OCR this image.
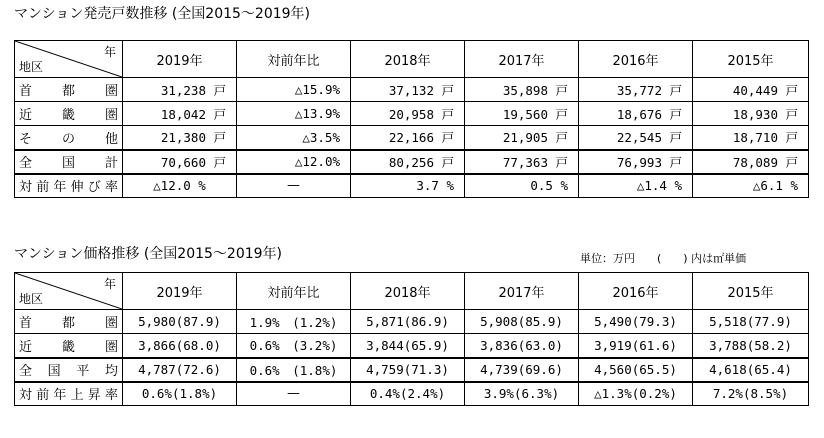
マンション発売戸数推移 (全国2015～2019年)
年
地区	2019年	対前年比	2018年	2017年	2016年	2015年
首都圏	31,238 戸	△15.9%	37,132 戸	35,898 戸	35,772 戸	40,449 戸
近畿圏	18,042 戸	△13.9%	20,958 戸	19,560 戸	18,676 戸	18,930 戸
その他	21,380 戸	△3.5%	22,166 戸	21,905 戸	22,545 戸	18,710 戸
全国計	70,660 戸	△12.0%	80,256 戸	77,363 戸	76,993 戸	78,089 戸
対前年伸び率	△12.0 %	—	3.7 %	0.5 %	△1.4 %	△6.1 %
マンション価格推移 (全国2015～2019年)	単位：万円　　(　　) 内は㎡単価
年
地区	2019年	対前年比	2018年	2017年	2016年	2015年
首都圏	5,980(87.9)	1.9%　(1.2%)	5,871(86.9)	5,908(85.9)	5,490(79.3)	5,518(77.9)
近畿圏	3,866(68.0)	0.6%　(3.2%)	3,844(65.9)	3,836(63.0)	3,919(61.6)	3,788(58.2)
全国平均	4,787(72.6)	0.6%　(1.8%)	4,759(71.3)	4,739(69.6)	4,560(65.5)	4,618(65.4)
対前年上昇率	0.6%(1.8%)	—	0.4%(2.4%)	3.9%(6.3%)	△1.3%(0.2%)	7.2%(8.5%)
